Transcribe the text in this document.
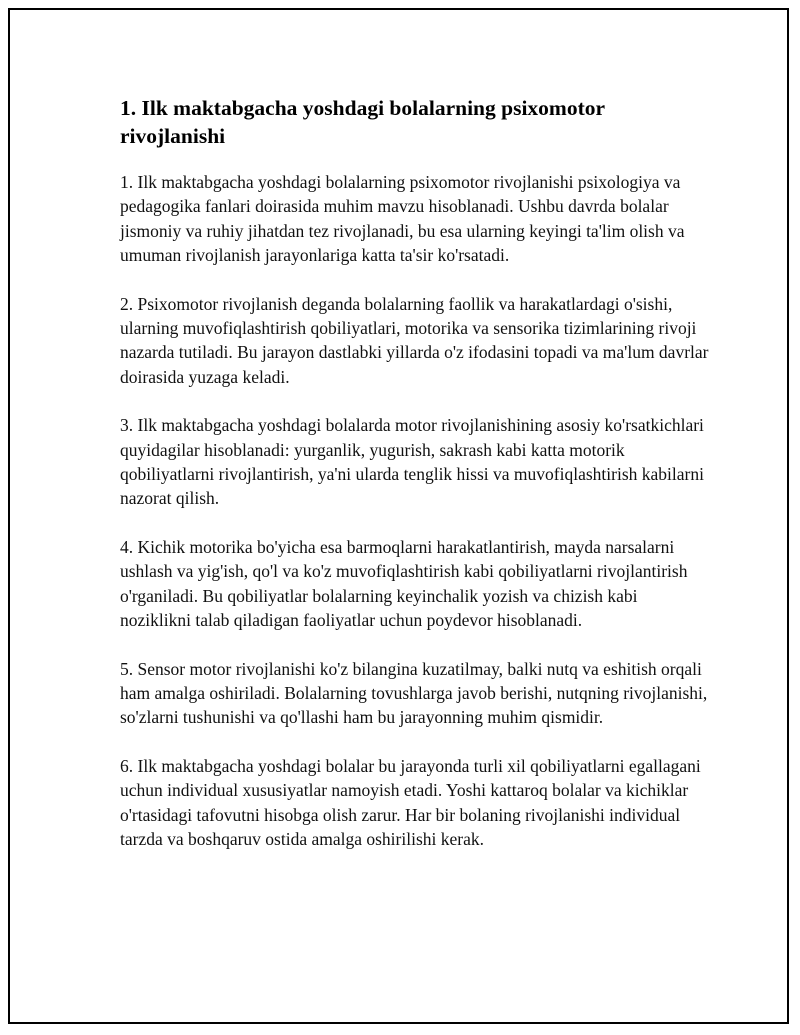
1. Ilk maktabgacha yoshdagi bolalarning psixomotor rivojlanishi

1. Ilk maktabgacha yoshdagi bolalarning psixomotor rivojlanishi psixologiya va pedagogika fanlari doirasida muhim mavzu hisoblanadi. Ushbu davrda bolalar jismoniy va ruhiy jihatdan tez rivojlanadi, bu esa ularning keyingi ta'lim olish va umuman rivojlanish jarayonlariga katta ta'sir ko'rsatadi.

2. Psixomotor rivojlanish deganda bolalarning faollik va harakatlardagi o'sishi, ularning muvofiqlashtirish qobiliyatlari, motorika va sensorika tizimlarining rivoji nazarda tutiladi. Bu jarayon dastlabki yillarda o'z ifodasini topadi va ma'lum davrlar doirasida yuzaga keladi.

3. Ilk maktabgacha yoshdagi bolalarda motor rivojlanishining asosiy ko'rsatkichlari quyidagilar hisoblanadi: yurganlik, yugurish, sakrash kabi katta motorik qobiliyatlarni rivojlantirish, ya'ni ularda tenglik hissi va muvofiqlashtirish kabilarni nazorat qilish.

4. Kichik motorika bo'yicha esa barmoqlarni harakatlantirish, mayda narsalarni ushlash va yig'ish, qo'l va ko'z muvofiqlashtirish kabi qobiliyatlarni rivojlantirish o'rganiladi. Bu qobiliyatlar bolalarning keyinchalik yozish va chizish kabi noziklikni talab qiladigan faoliyatlar uchun poydevor hisoblanadi.

5. Sensor motor rivojlanishi ko'z bilangina kuzatilmay, balki nutq va eshitish orqali ham amalga oshiriladi. Bolalarning tovushlarga javob berishi, nutqning rivojlanishi, so'zlarni tushunishi va qo'llashi ham bu jarayonning muhim qismidir.

6. Ilk maktabgacha yoshdagi bolalar bu jarayonda turli xil qobiliyatlarni egallagani uchun individual xususiyatlar namoyish etadi. Yoshi kattaroq bolalar va kichiklar o'rtasidagi tafovutni hisobga olish zarur. Har bir bolaning rivojlanishi individual tarzda va boshqaruv ostida amalga oshirilishi kerak.
